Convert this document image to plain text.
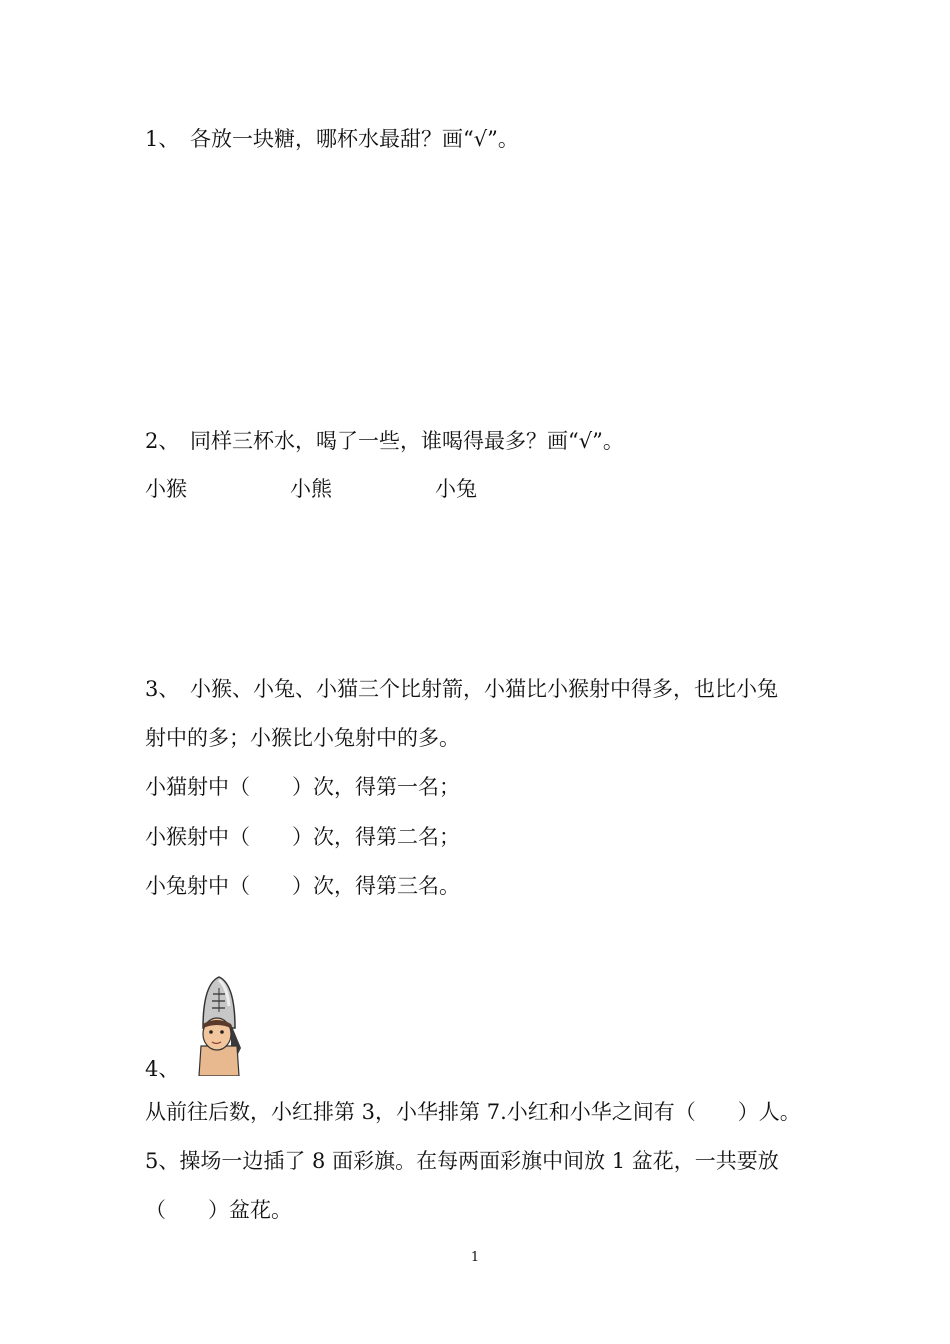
1、 各放一块糖，哪杯水最甜？画“√”。
2、 同样三杯水，喝了一些，谁喝得最多？画“√”。
小猴	小熊	小兔
3、 小猴、小兔、小猫三个比射箭，小猫比小猴射中得多，也比小兔
射中的多；小猴比小兔射中的多。
小猫射中（　　）次，得第一名；
小猴射中（　　）次，得第二名；
小兔射中（　　）次，得第三名。
4、
从前往后数，小红排第 3，小华排第 7.小红和小华之间有（　　）人。
5、操场一边插了 8 面彩旗。在每两面彩旗中间放 1 盆花，一共要放
（　　）盆花。
1
